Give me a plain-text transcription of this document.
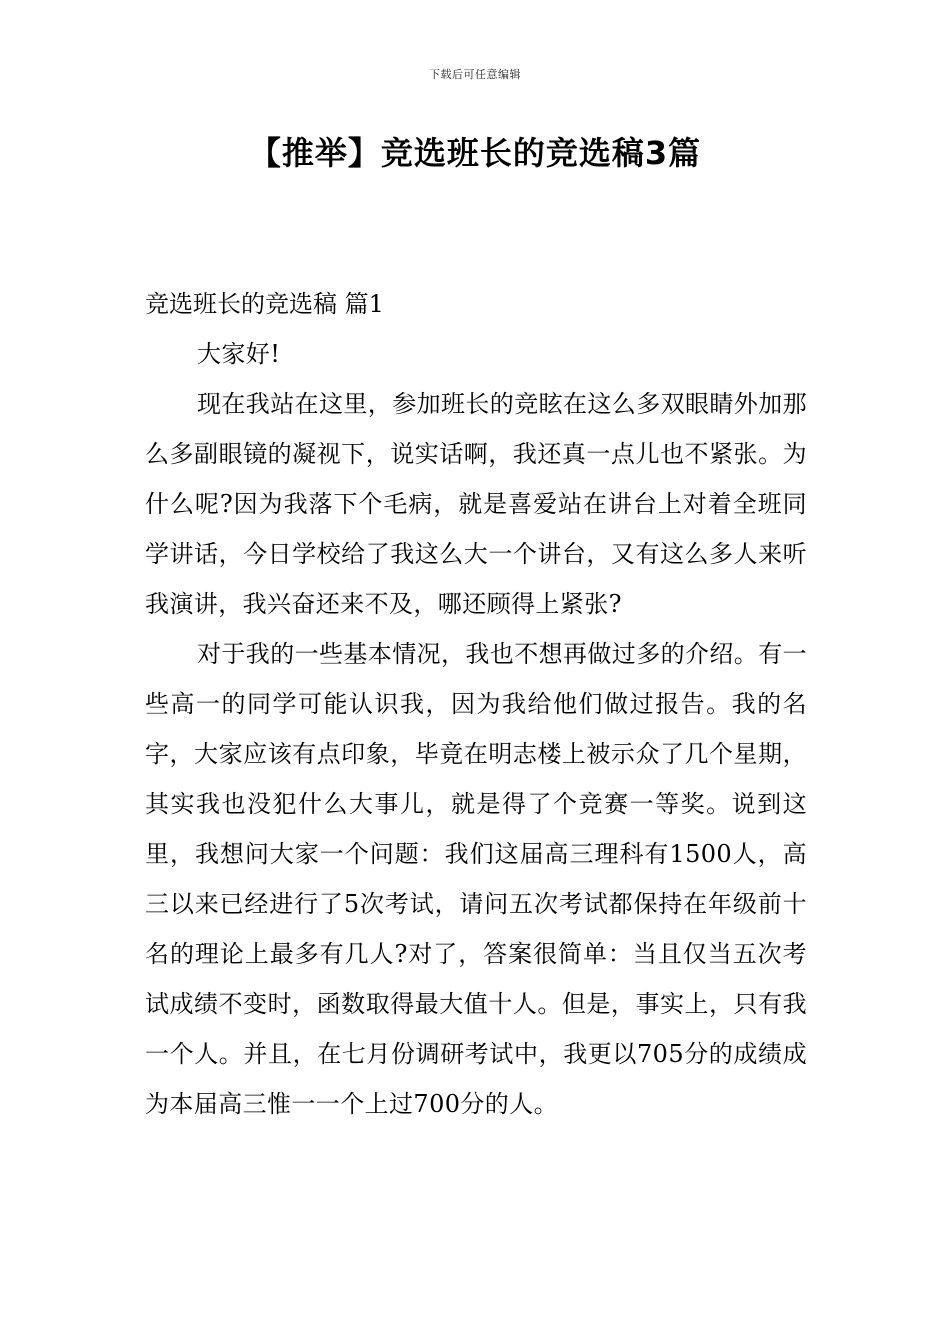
下载后可任意编辑
【推举】竞选班长的竞选稿3篇
竞选班长的竞选稿 篇1

大家好!

现在我站在这里，参加班长的竞眩在这么多双眼睛外加那么多副眼镜的凝视下，说实话啊，我还真一点儿也不紧张。为什么呢?因为我落下个毛病，就是喜爱站在讲台上对着全班同学讲话，今日学校给了我这么大一个讲台，又有这么多人来听我演讲，我兴奋还来不及，哪还顾得上紧张?

对于我的一些基本情况，我也不想再做过多的介绍。有一些高一的同学可能认识我，因为我给他们做过报告。我的名字，大家应该有点印象，毕竟在明志楼上被示众了几个星期，其实我也没犯什么大事儿，就是得了个竞赛一等奖。说到这里，我想问大家一个问题：我们这届高三理科有1500人，高三以来已经进行了5次考试，请问五次考试都保持在年级前十名的理论上最多有几人?对了，答案很简单：当且仅当五次考试成绩不变时，函数取得最大值十人。但是，事实上，只有我一个人。并且，在七月份调研考试中，我更以705分的成绩成为本届高三惟一一个上过700分的人。
